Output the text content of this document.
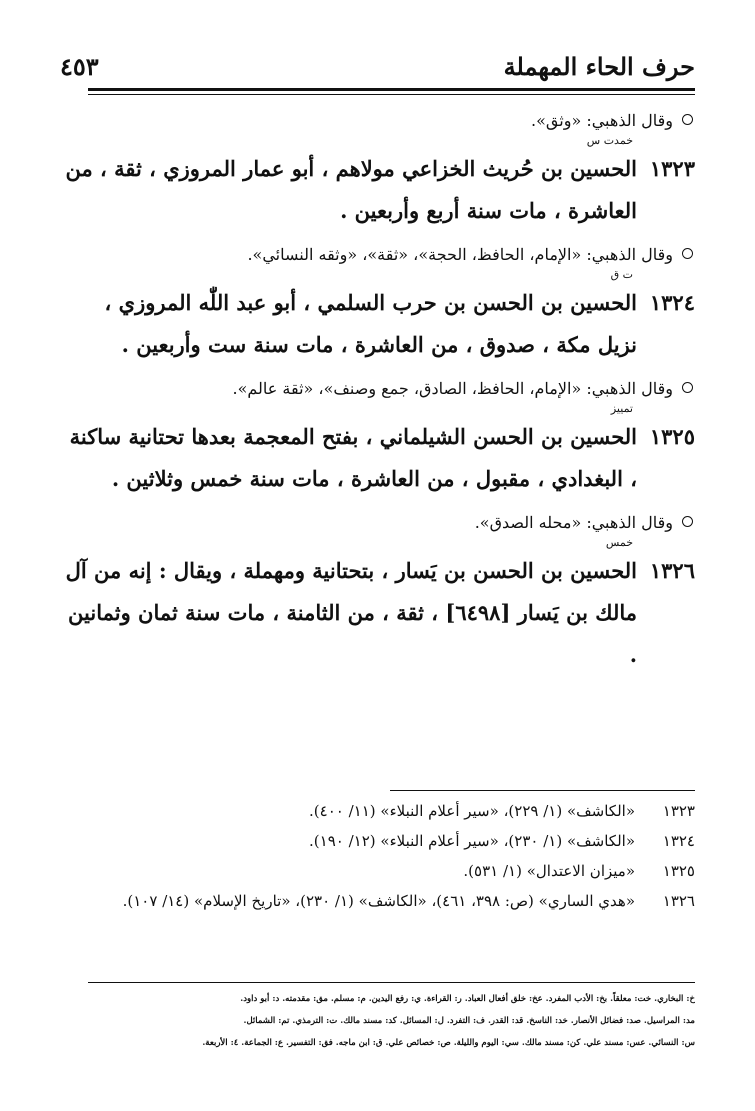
حرف الحاء المهملة
٤٥٣

وقال الذهبي: «وثق».

خمدت س

١٣٢٣
الحسين بن حُريث الخزاعي مولاهم ، أبو عمار المروزي ، ثقة ، من العاشرة ، مات سنة أربع وأربعين .

وقال الذهبي: «الإمام، الحافظ، الحجة»، «ثقة»، «وثقه النسائي».

ت ق

١٣٢٤
الحسين بن الحسن بن حرب السلمي ، أبو عبد اللّٰه المروزي ، نزيل مكة ، صدوق ، من العاشرة ، مات سنة ست وأربعين .

وقال الذهبي: «الإمام، الحافظ، الصادق، جمع وصنف»، «ثقة عالم».

تمييز

١٣٢٥
الحسين بن الحسن الشيلماني ، بفتح المعجمة بعدها تحتانية ساكنة ، البغدادي ، مقبول ، من العاشرة ، مات سنة خمس وثلاثين .

وقال الذهبي: «محله الصدق».

خمس

١٣٢٦
الحسين بن الحسن بن يَسار ، بتحتانية ومهملة ، ويقال : إنه من آل مالك بن يَسار [٦٤٩٨] ، ثقة ، من الثامنة ، مات سنة ثمان وثمانين .

١٣٢٣
«الكاشف» (١/ ٢٢٩)، «سير أعلام النبلاء» (١١/ ٤٠٠).

١٣٢٤
«الكاشف» (١/ ٢٣٠)، «سير أعلام النبلاء» (١٢/ ١٩٠).

١٣٢٥
«ميزان الاعتدال» (١/ ٥٣١).

١٣٢٦
«هدي الساري» (ص: ٣٩٨، ٤٦١)، «الكاشف» (١/ ٢٣٠)، «تاريخ الإسلام» (١٤/ ١٠٧).

خ: البخاري. خت: معلقاً. بخ: الأدب المفرد. عخ: خلق أفعال العباد. ر: القراءة. ي: رفع اليدين. م: مسلم. مق: مقدمته. د: أبو داود.

مد: المراسيل. صد: فضائل الأنصار. خد: الناسخ. قد: القدر. ف: التفرد. ل: المسائل. كد: مسند مالك. ت: الترمذي. تم: الشمائل.

س: النسائي. عس: مسند علي. كن: مسند مالك. سي: اليوم والليلة. ص: خصائص علي. ق: ابن ماجه. فق: التفسير. ع: الجماعة. ٤: الأربعة.
